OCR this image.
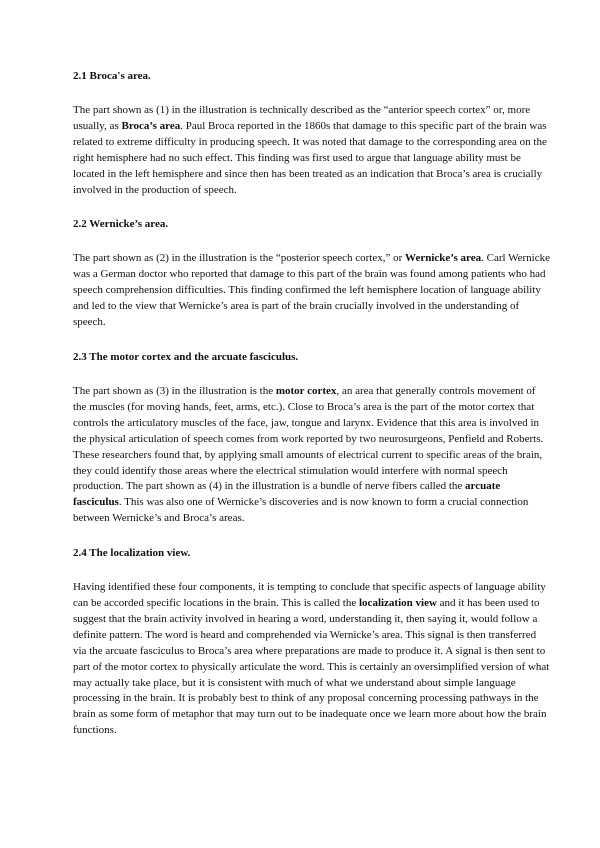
2.1 Broca's area.

The part shown as (1) in the illustration is technically described as the “anterior speech cortex” or, more usually, as Broca’s area. Paul Broca reported in the 1860s that damage to this specific part of the brain was related to extreme difficulty in producing speech. It was noted that damage to the corresponding area on the right hemisphere had no such effect. This finding was first used to argue that language ability must be located in the left hemisphere and since then has been treated as an indication that Broca’s area is crucially involved in the production of speech.

2.2 Wernicke’s area.

The part shown as (2) in the illustration is the “posterior speech cortex,” or Wernicke’s area. Carl Wernicke was a German doctor who reported that damage to this part of the brain was found among patients who had speech comprehension difficulties. This finding confirmed the left hemisphere location of language ability and led to the view that Wernicke’s area is part of the brain crucially involved in the understanding of speech.

2.3 The motor cortex and the arcuate fasciculus.

The part shown as (3) in the illustration is the motor cortex, an area that generally controls movement of the muscles (for moving hands, feet, arms, etc.). Close to Broca’s area is the part of the motor cortex that controls the articulatory muscles of the face, jaw, tongue and larynx. Evidence that this area is involved in the physical articulation of speech comes from work reported by two neurosurgeons, Penfield and Roberts. These researchers found that, by applying small amounts of electrical current to specific areas of the brain, they could identify those areas where the electrical stimulation would interfere with normal speech production. The part shown as (4) in the illustration is a bundle of nerve fibers called the arcuate fasciculus. This was also one of Wernicke’s discoveries and is now known to form a crucial connection between Wernicke’s and Broca’s areas.

2.4 The localization view.

Having identified these four components, it is tempting to conclude that specific aspects of language ability can be accorded specific locations in the brain. This is called the localization view and it has been used to suggest that the brain activity involved in hearing a word, understanding it, then saying it, would follow a definite pattern. The word is heard and comprehended via Wernicke’s area. This signal is then transferred via the arcuate fasciculus to Broca’s area where preparations are made to produce it. A signal is then sent to part of the motor cortex to physically articulate the word. This is certainly an oversimplified version of what may actually take place, but it is consistent with much of what we understand about simple language processing in the brain. It is probably best to think of any proposal concerning processing pathways in the brain as some form of metaphor that may turn out to be inadequate once we learn more about how the brain functions.
